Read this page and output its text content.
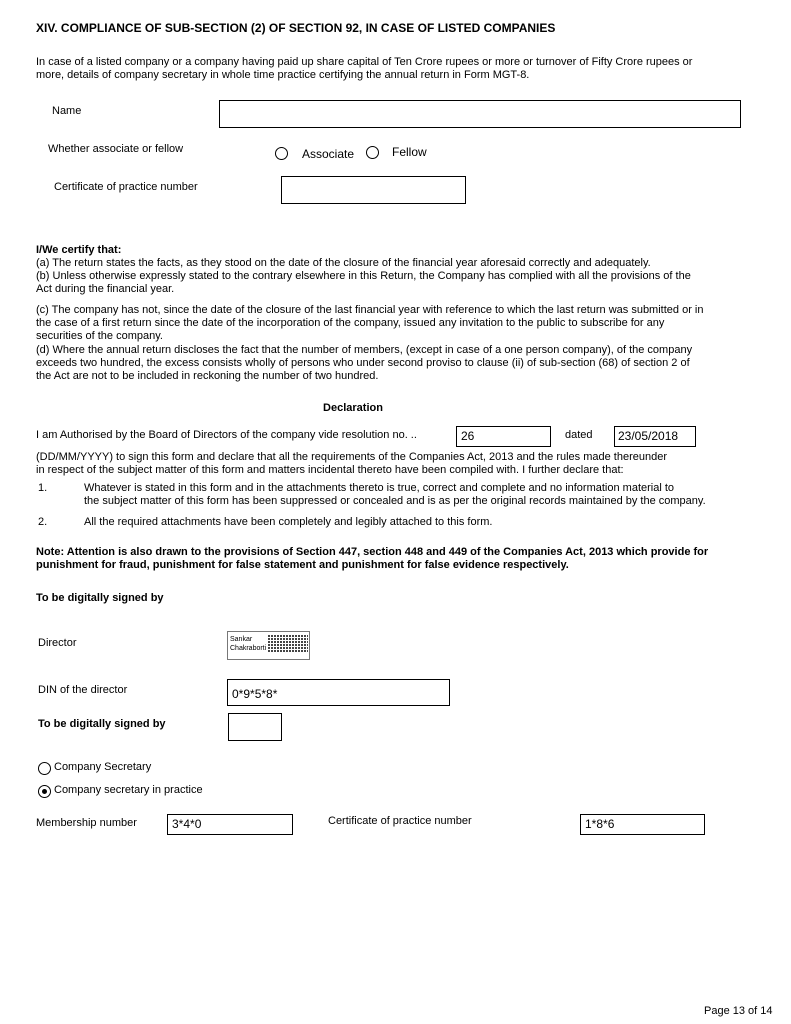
XIV. COMPLIANCE OF SUB-SECTION (2) OF SECTION 92, IN CASE OF LISTED COMPANIES
In case of a listed company or a company having paid up share capital of Ten Crore rupees or more or turnover of Fifty Crore rupees or
more, details of company secretary in whole time practice certifying the annual return in Form MGT-8.
Name
Whether associate or fellow	Associate	Fellow
Certificate of practice number
I/We certify that:
(a) The return states the facts, as they stood on the date of the closure of the financial year aforesaid correctly and adequately.
(b) Unless otherwise expressly stated to the contrary elsewhere in this Return, the Company has complied with all the provisions of the
Act during the financial year.
(c) The company has not, since the date of the closure of the last financial year with reference to which the last return was submitted or in
the case of a first return since the date of the incorporation of the company, issued any invitation to the public to subscribe for any
securities of the company.
(d) Where the annual return discloses the fact that the number of members, (except in case of a one person company), of the company
exceeds two hundred, the excess consists wholly of persons who under second proviso to clause (ii) of sub-section (68) of section 2 of
the Act are not to be included in reckoning the number of two hundred.
Declaration
I am Authorised by the Board of Directors of the company vide resolution no. ..	26	dated	23/05/2018
(DD/MM/YYYY) to sign this form and declare that all the requirements of the Companies Act, 2013 and the rules made thereunder
in respect of the subject matter of this form and matters incidental thereto have been compiled with. I further declare that:
1.	Whatever is stated in this form and in the attachments thereto is true, correct and complete and no information material to
the subject matter of this form has been suppressed or concealed and is as per the original records maintained by the company.
2.	All the required attachments have been completely and legibly attached to this form.
Note: Attention is also drawn to the provisions of Section 447, section 448 and 449 of the Companies Act, 2013 which provide for
punishment for fraud, punishment for false statement and punishment for false evidence respectively.
To be digitally signed by
Director	Sankar
Chakraborti
DIN of the director	0*9*5*8*
To be digitally signed by
Company Secretary
Company secretary in practice
Membership number	3*4*0	Certificate of practice number	1*8*6
Page 13 of 14
